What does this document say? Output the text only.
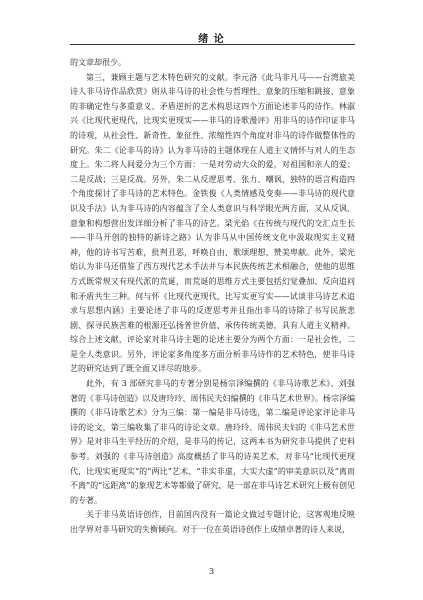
绪 论

的文章却很少。

第三，兼顾主题与艺术特色研究的文献。李元洛《此马非凡马——台湾旅美诗人非马诗作品欣赏》则从非马诗的社会性与哲理性、意象的压缩和跳接、意象的非确定性与多重意义、矛盾逆折的艺术构思这四个方面论述非马的诗作。林淑兴《比现代更现代，比现实更现实——非马的诗歌漫评》用非马的诗作印证非马的诗观，从社会性、新奇性、象征性、浓缩性四个角度对非马的诗作做整体性的研究。朱二《论非马的诗》认为非马诗的主题体现在人道主义情怀与对人的生态度上。朱二将人间爱分为三个方面：一是对劳动大众的爱，对祖国和亲人的爱；二是反战；三是反战。另外，朱二从反逻思考、张力、嘲讽、独特的语言构造四个角度探讨了非马诗的艺术特色。金铁俊《人类情感及变奏——非马诗的现代意识及手法》认为非马诗的内容蕴含了全人类意识与科学眼光两方面，又从反讽、意象和构想营出发详细分析了非马的诗艺。梁光焰《在传统与现代的交汇点生长——非马开创的独特的新诗之路》认为非马从中国传统文化中汲取现实主义精神，他的诗书写苦难，批判丑恶，呼唤自由、歌颂理想、赞美卑献。此外，梁光焰认为非马还借鉴了西方现代艺术手法并与本民族传统艺术相融合，使他的思维方式既常规又有现代派的荒诞，而荒诞的思维方式主要包括幻觉叠加、反向追问和矛盾共生三种。何与怀《比现代更现代，比写实更写实——试谈非马诗艺术追求与思想内涵》主要论述了非马的反逻思考并且指出非马的诗除了书写民族悲剧、探寻民族苦难的根源还弘扬普世价值、承传传统美德，具有人道主义精神。综合上述文献，评论家对非马诗主题的论述主要分为两个方面：一是社会性，二是全人类意识。另外，评论家多角度多方面分析非马诗作的艺术特色，使非马诗艺的研究达到了既全面又详尽的地步。

此外，有 3 部研究非马的专著分别是杨宗泽编撰的《非马诗歌艺术》、刘强著的《非马诗创造》以及唐玲玲、周伟民夫妇编撰的《非马艺术世界》。杨宗泽编撰的《非马诗歌艺术》分为三编：第一编是非马诗选，第二编是评论家评论非马诗的论文，第三编收集了非马的诗论文章。唐玲玲、周伟民夫妇的《非马艺术世界》是对非马生平经历的介绍，是非马的传记，这两本书为研究非马提供了史料参考。刘强的《非马诗创造》高度概括了非马的诗美艺术，对非马“比现代更现代，比现实更现实”的“两比”艺术、“非实非虚，大实大虚”的审美意识以及“离而不离”的“远距离”的象现艺术等都做了研究，是一部在非马诗艺术研究上极有创见的专著。

关于非马英语诗创作，目前国内没有一篇论文做过专题讨论，这客观地反映出学界对非马研究的失衡倾向。对于一位在英语诗创作上成绩卓著的诗人来说，

3
